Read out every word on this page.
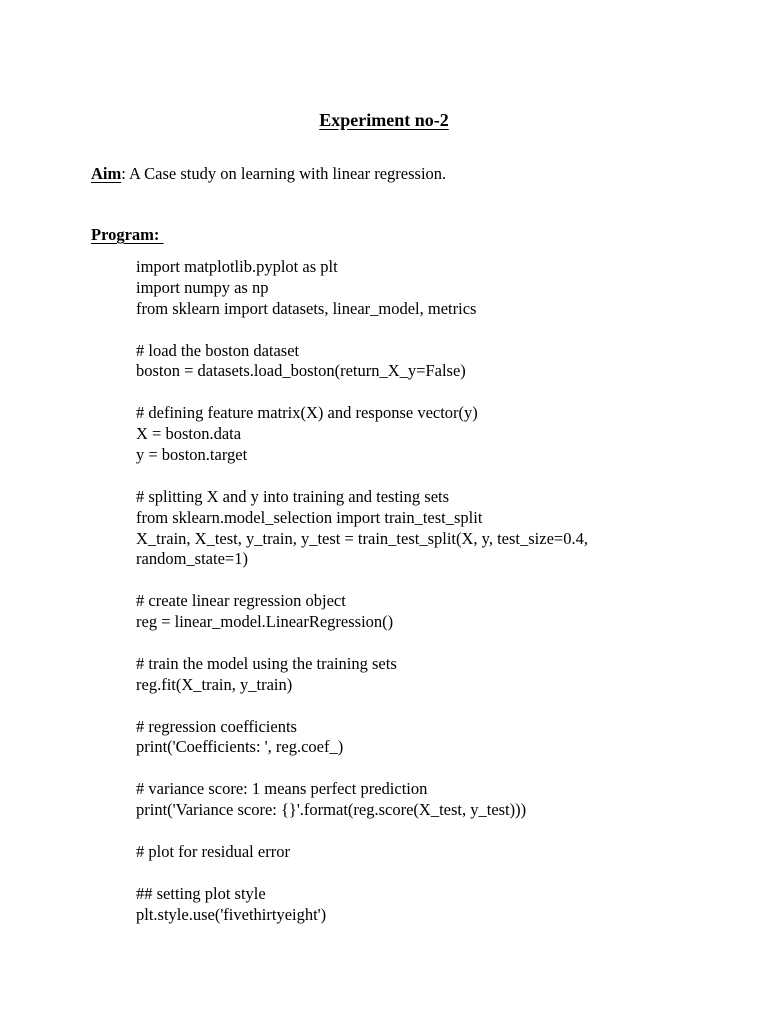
Experiment no-2
Aim: A Case study on learning with linear regression.
Program:
import matplotlib.pyplot as plt
import numpy as np
from sklearn import datasets, linear_model, metrics
# load the boston dataset
boston = datasets.load_boston(return_X_y=False)
# defining feature matrix(X) and response vector(y)
X = boston.data
y = boston.target
# splitting X and y into training and testing sets
from sklearn.model_selection import train_test_split
X_train, X_test, y_train, y_test = train_test_split(X, y, test_size=0.4,
random_state=1)
# create linear regression object
reg = linear_model.LinearRegression()
# train the model using the training sets
reg.fit(X_train, y_train)
# regression coefficients
print('Coefficients: ', reg.coef_)
# variance score: 1 means perfect prediction
print('Variance score: {}'.format(reg.score(X_test, y_test)))
# plot for residual error
## setting plot style
plt.style.use('fivethirtyeight')
